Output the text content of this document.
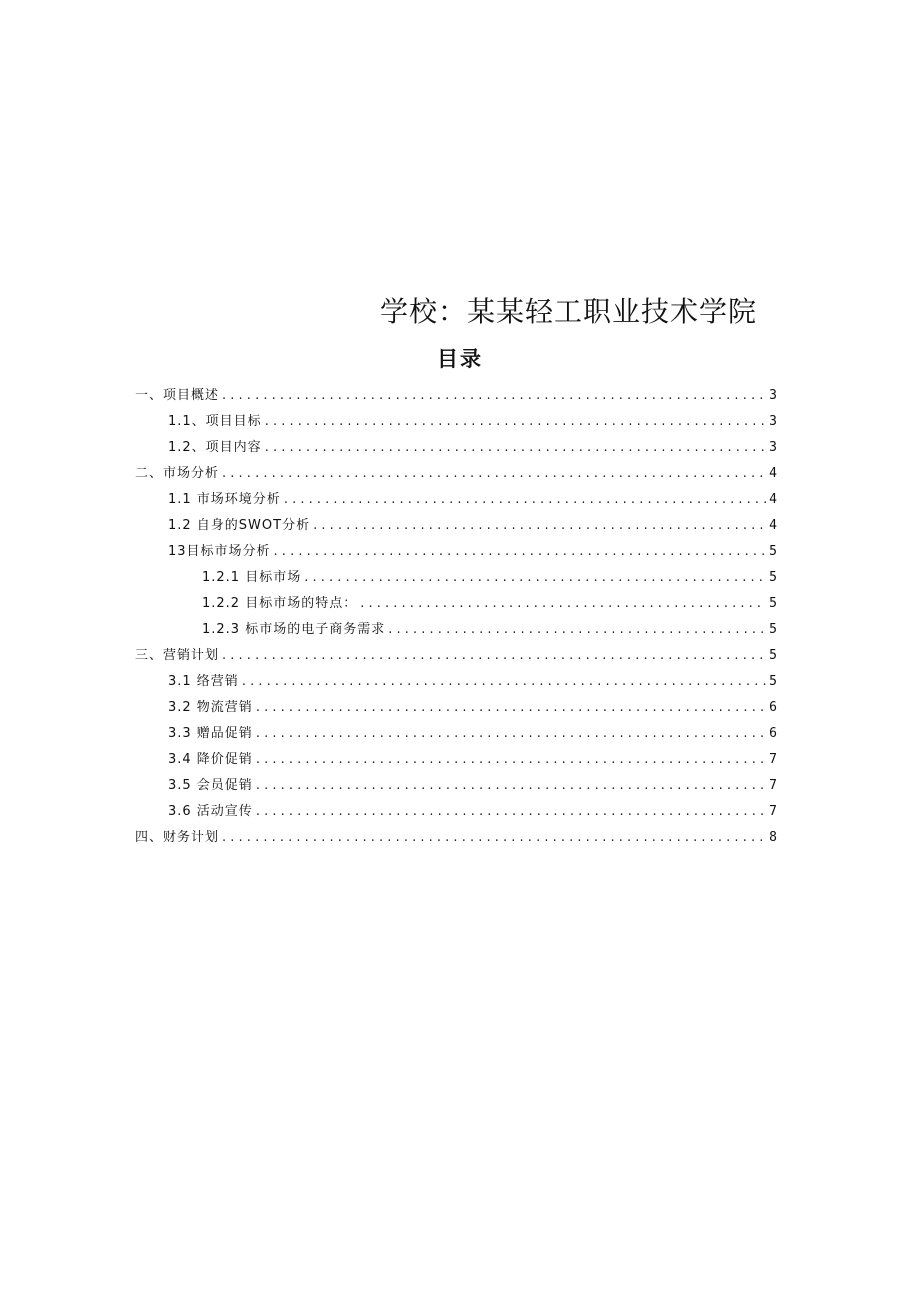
学校：某某轻工职业技术学院
目录
一、项目概述 . . .	3
1.1、项目目标 . . .	3
1.2、项目内容 . . .	3
二、市场分析 . . .	4
1.1 市场环境分析 . . .	4
1.2 自身的SWOT分析 . . .	4
13目标市场分析 . . .	5
1.2.1 目标市场 . . .	5
1.2.2 目标市场的特点： . . .	5
1.2.3 标市场的电子商务需求 . . .	5
三、营销计划 . . .	5
3.1 络营销 . . .	5
3.2 物流营销 . . .	6
3.3 赠品促销 . . .	6
3.4 降价促销 . . .	7
3.5 会员促销 . . .	7
3.6 活动宣传 . . .	7
四、财务计划 . . .	8
